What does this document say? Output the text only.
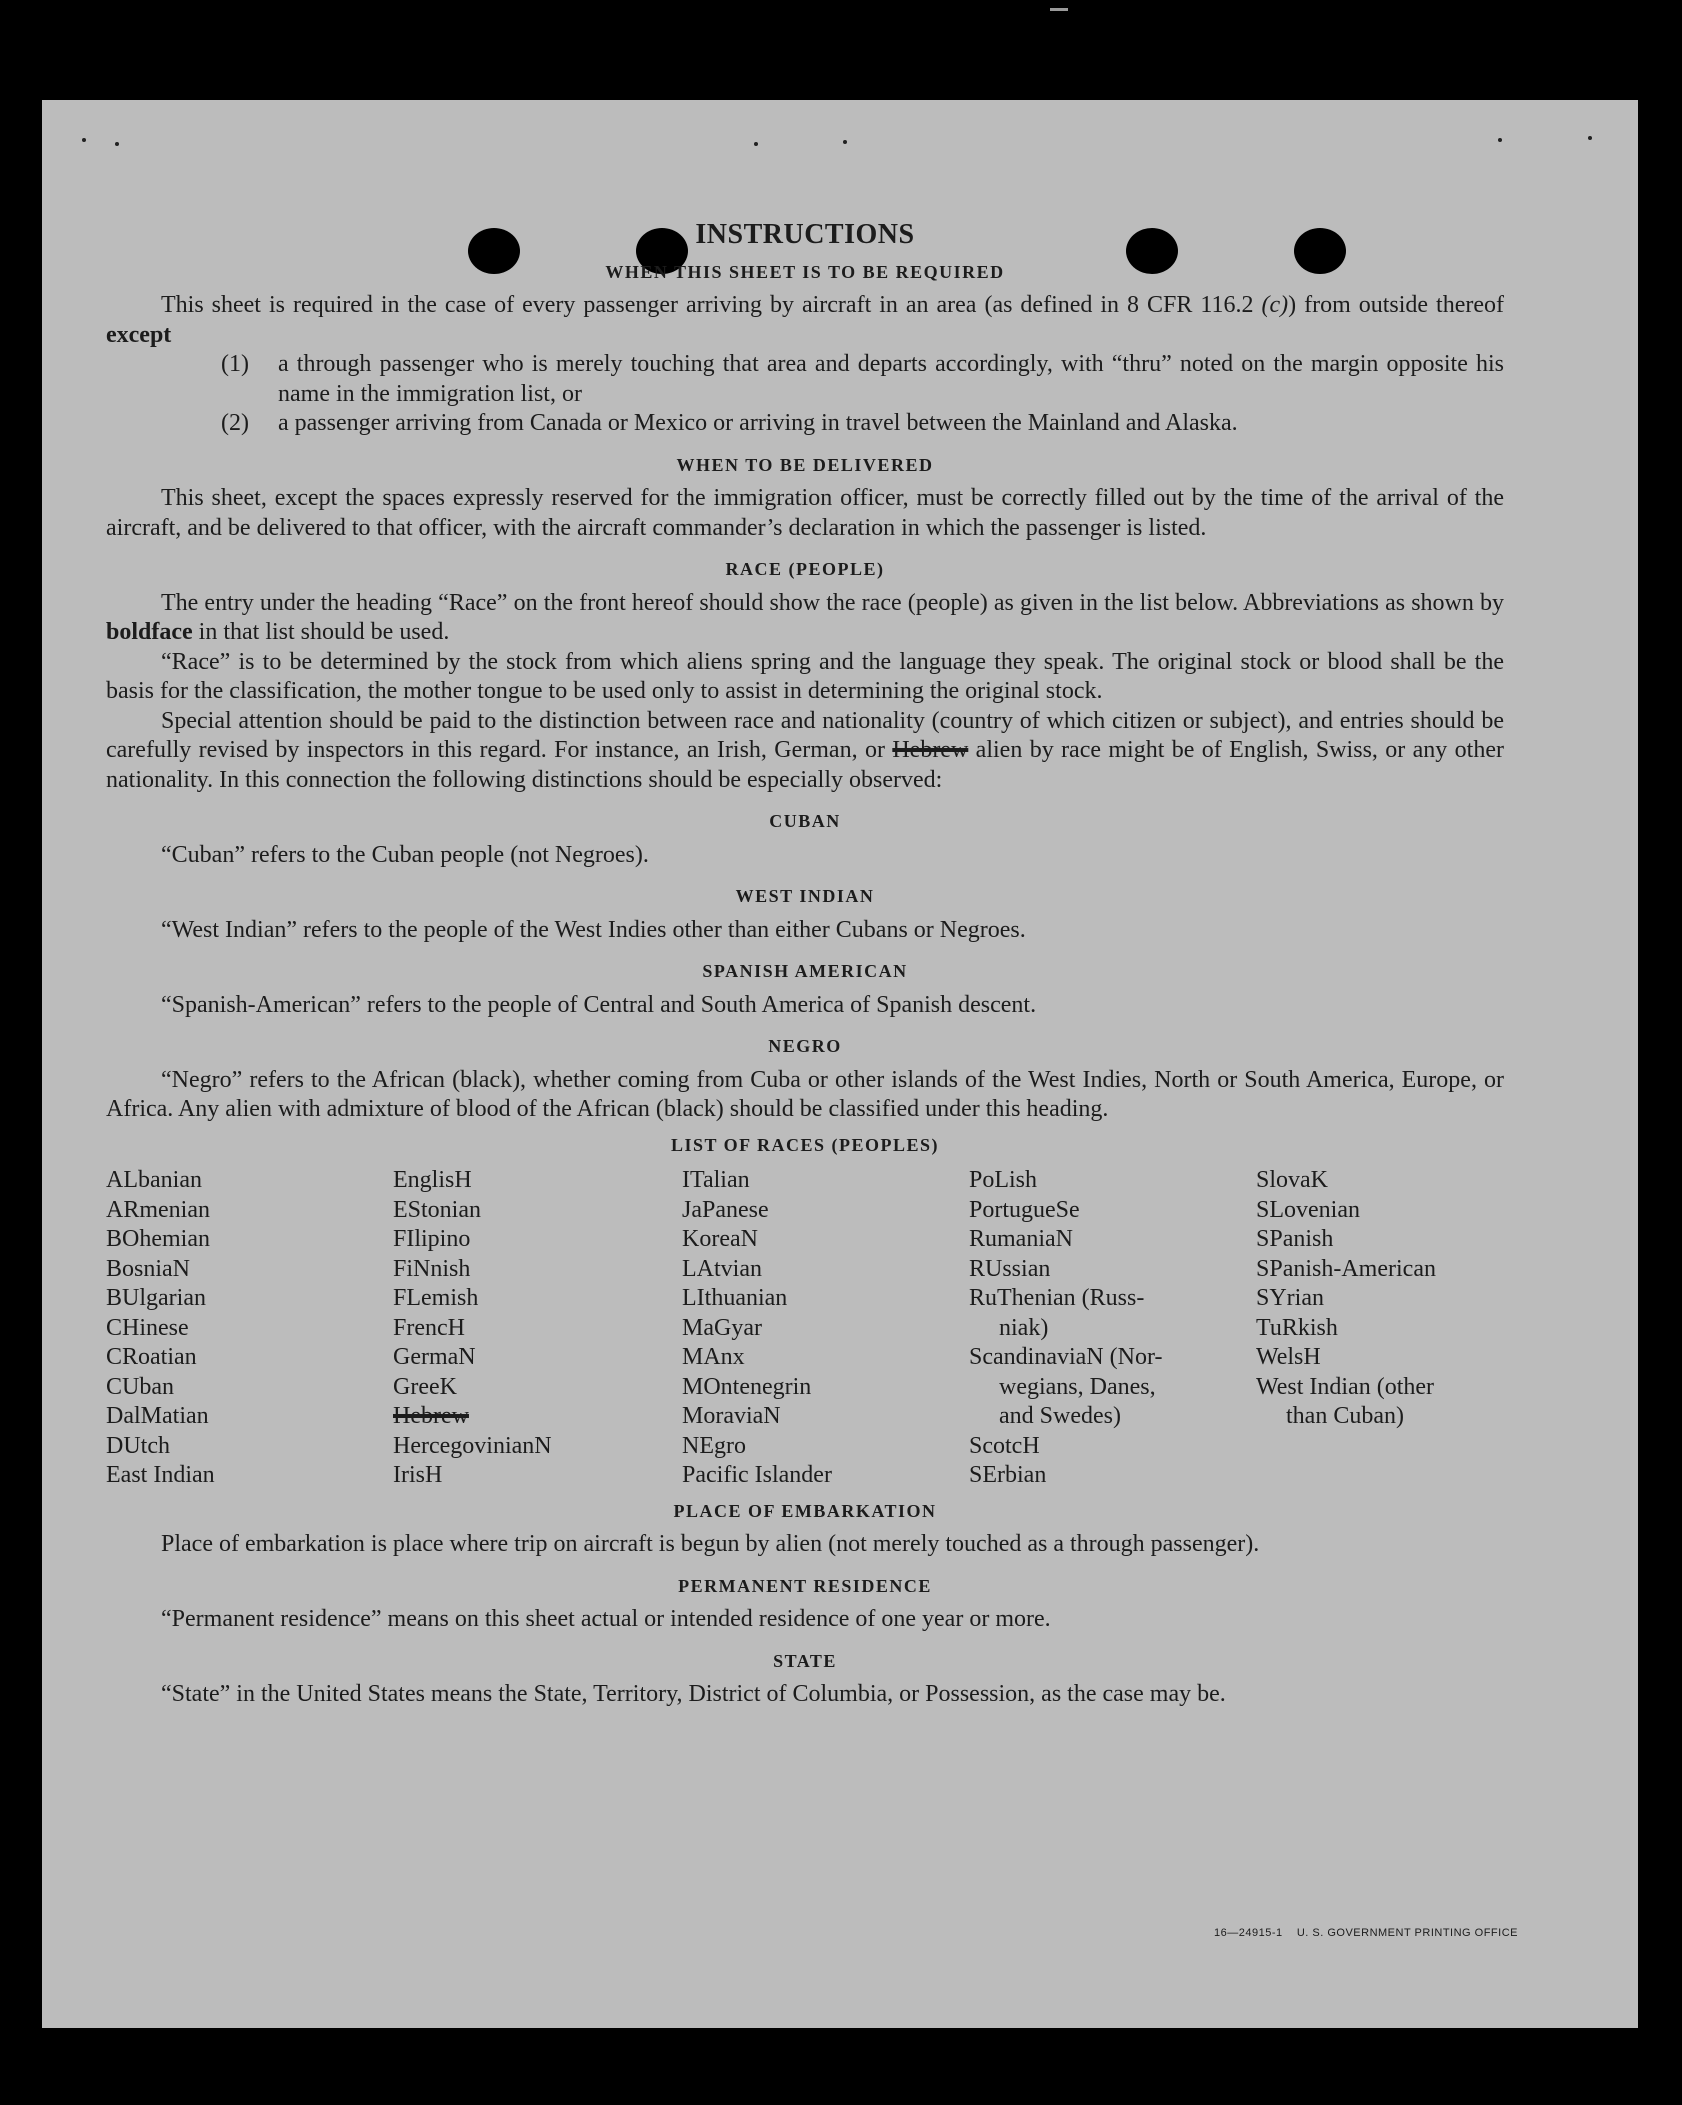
INSTRUCTIONS
WHEN THIS SHEET IS TO BE REQUIRED

This sheet is required in the case of every passenger arriving by aircraft in an area (as defined in 8 CFR 116.2 (c)) from outside thereof except

(1)	a through passenger who is merely touching that area and departs accordingly, with “thru” noted on the margin opposite his name in the immigration list, or
(2)	a passenger arriving from Canada or Mexico or arriving in travel between the Mainland and Alaska.
WHEN TO BE DELIVERED

This sheet, except the spaces expressly reserved for the immigration officer, must be correctly filled out by the time of the arrival of the aircraft, and be delivered to that officer, with the aircraft commander’s declaration in which the passenger is listed.

RACE (PEOPLE)

The entry under the heading “Race” on the front hereof should show the race (people) as given in the list below. Abbreviations as shown by boldface in that list should be used.

“Race” is to be determined by the stock from which aliens spring and the language they speak. The original stock or blood shall be the basis for the classification, the mother tongue to be used only to assist in determining the original stock.

Special attention should be paid to the distinction between race and nationality (country of which citizen or subject), and entries should be carefully revised by inspectors in this regard. For instance, an Irish, German, or Hebrew alien by race might be of English, Swiss, or any other nationality. In this connection the following distinctions should be especially observed:

CUBAN

“Cuban” refers to the Cuban people (not Negroes).

WEST INDIAN

“West Indian” refers to the people of the West Indies other than either Cubans or Negroes.

SPANISH AMERICAN

“Spanish-American” refers to the people of Central and South America of Spanish descent.

NEGRO

“Negro” refers to the African (black), whether coming from Cuba or other islands of the West Indies, North or South America, Europe, or Africa. Any alien with admixture of blood of the African (black) should be classified under this heading.

LIST OF RACES (PEOPLES)
ALbanian
ARmenian
BOhemian
BosniaN
BUlgarian
CHinese
CRoatian
CUban
DalMatian
DUtch
East Indian
EnglisH
EStonian
FIlipino
FiNnish
FLemish
FrencH
GermaN
GreeK
Hebrew
HercegovinianN
IrisH
ITalian
JaPanese
KoreaN
LAtvian
LIthuanian
MaGyar
MAnx
MOntenegrin
MoraviaN
NEgro
Pacific Islander
PoLish
PortugueSe
RumaniaN
RUssian
RuThenian (Russ-
niak)
ScandinaviaN (Nor-
wegians, Danes,
and Swedes)
ScotcH
SErbian
SlovaK
SLovenian
SPanish
SPanish-American
SYrian
TuRkish
WelsH
West Indian (other
than Cuban)
PLACE OF EMBARKATION

Place of embarkation is place where trip on aircraft is begun by alien (not merely touched as a through passenger).

PERMANENT RESIDENCE

“Permanent residence” means on this sheet actual or intended residence of one year or more.

STATE

“State” in the United States means the State, Territory, District of Columbia, or Possession, as the case may be.

16—24915-1 U. S. GOVERNMENT PRINTING OFFICE
